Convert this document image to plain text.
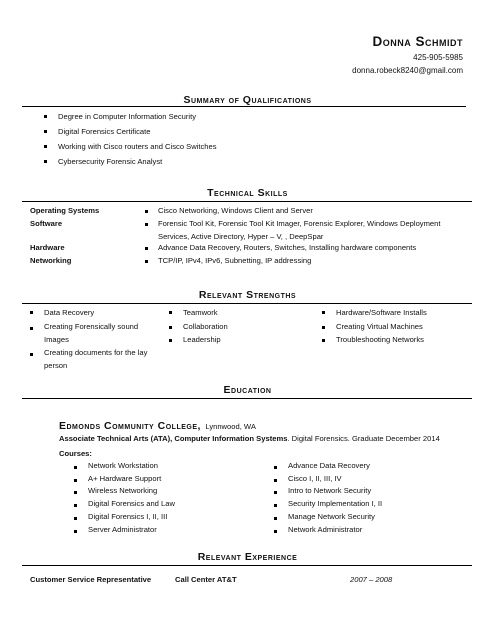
Donna Schmidt
425-905-5985
donna.robeck8240@gmail.com
Summary of Qualifications
Degree in Computer Information Security
Digital Forensics Certificate
Working with Cisco routers and Cisco Switches
Cybersecurity Forensic Analyst
Technical Skills
Operating Systems	Cisco Networking, Windows Client and Server
Software	Forensic Tool Kit, Forensic Tool Kit Imager, Forensic Explorer, Windows Deployment Services, Active Directory, Hyper – V, , DeepSpar
Hardware	Advance Data Recovery, Routers, Switches, Installing hardware components
Networking	TCP/IP, IPv4, IPv6, Subnetting, IP addressing
Relevant Strengths
Data Recovery
Creating Forensically sound Images
Creating documents for the lay person
Teamwork
Collaboration
Leadership
Hardware/Software Installs
Creating Virtual Machines
Troubleshooting Networks
Education
Edmonds Community College, Lynnwood, WA
Associate Technical Arts (ATA), Computer Information Systems. Digital Forensics. Graduate December 2014
Courses:
Network Workstation
A+ Hardware Support
Wireless Networking
Digital Forensics and Law
Digital Forensics I, II, III
Server Administrator
Advance Data Recovery
Cisco I, II, III, IV
Intro to Network Security
Security Implementation I, II
Manage Network Security
Network Administrator
Relevant Experience
Customer Service Representative	Call Center AT&T	2007 – 2008
